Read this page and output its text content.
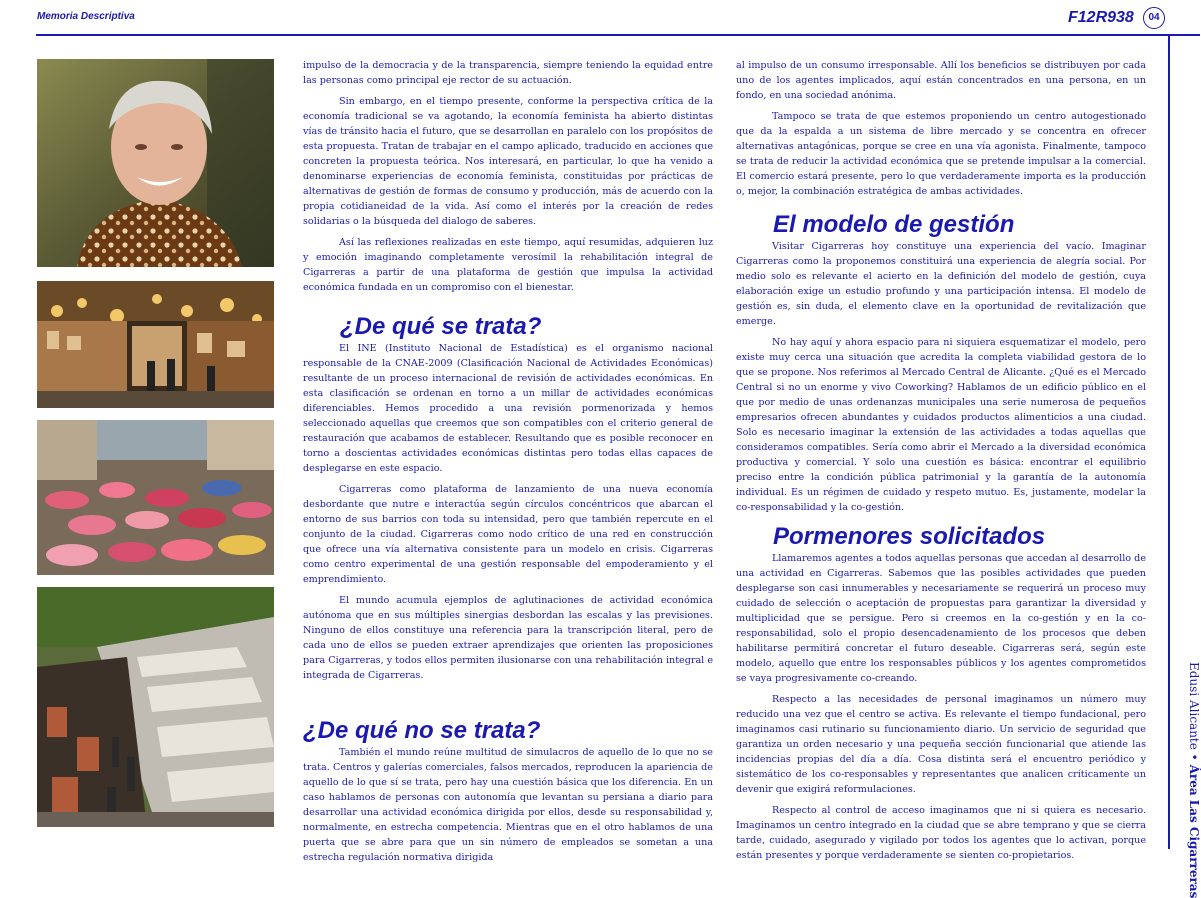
Memoria Descriptiva	F12R938	04
Edusi Alicante • Área Las Cigarreras

impulso de la democracia y de la transparencia, siempre teniendo la equidad entre las personas como principal eje rector de su actuación.

Sin embargo, en el tiempo presente, conforme la perspectiva crítica de la economía tradicional se va agotando, la economía feminista ha abierto distintas vías de tránsito hacia el futuro, que se desarrollan en paralelo con los propósitos de esta propuesta. Tratan de trabajar en el campo aplicado, traducido en acciones que concreten la propuesta teórica. Nos interesará, en particular, lo que ha venido a denominarse experiencias de economía feminista, constituidas por prácticas de alternativas de gestión de formas de consumo y producción, más de acuerdo con la propia cotidianeidad de la vida. Así como el interés por la creación de redes solidarias o la búsqueda del dialogo de saberes.

Así las reflexiones realizadas en este tiempo, aquí resumidas, adquieren luz y emoción imaginando completamente verosímil la rehabilitación integral de Cigarreras a partir de una plataforma de gestión que impulsa la actividad económica fundada en un compromiso con el bienestar.

¿De qué se trata?

El INE (Instituto Nacional de Estadística) es el organismo nacional responsable de la CNAE-2009 (Clasificación Nacional de Actividades Económicas) resultante de un proceso internacional de revisión de actividades económicas. En esta clasificación se ordenan en torno a un millar de actividades económicas diferenciables. Hemos procedido a una revisión pormenorizada y hemos seleccionado aquellas que creemos que son compatibles con el criterio general de restauración que acabamos de establecer. Resultando que es posible reconocer en torno a doscientas actividades económicas distintas pero todas ellas capaces de desplegarse en este espacio.

Cigarreras como plataforma de lanzamiento de una nueva economía desbordante que nutre e interactúa según círculos concéntricos que abarcan el entorno de sus barrios con toda su intensidad, pero que también repercute en el conjunto de la ciudad. Cigarreras como nodo crítico de una red en construcción que ofrece una vía alternativa consistente para un modelo en crisis. Cigarreras como centro experimental de una gestión responsable del empoderamiento y el emprendimiento.

El mundo acumula ejemplos de aglutinaciones de actividad económica autónoma que en sus múltiples sinergias desbordan las escalas y las previsiones. Ninguno de ellos constituye una referencia para la transcripción literal, pero de cada uno de ellos se pueden extraer aprendizajes que orienten las proposiciones para Cigarreras, y todos ellos permiten ilusionarse con una rehabilitación integral e integrada de Cigarreras.

¿De qué no se trata?

También el mundo reúne multitud de simulacros de aquello de lo que no se trata. Centros y galerías comerciales, falsos mercados, reproducen la apariencia de aquello de lo que sí se trata, pero hay una cuestión básica que los diferencia. En un caso hablamos de personas con autonomía que levantan su persiana a diario para desarrollar una actividad económica dirigida por ellos, desde su responsabilidad y, normalmente, en estrecha competencia. Mientras que en el otro hablamos de una puerta que se abre para que un sin número de empleados se sometan a una estrecha regulación normativa dirigida

al impulso de un consumo irresponsable. Allí los beneficios se distribuyen por cada uno de los agentes implicados, aquí están concentrados en una persona, en un fondo, en una sociedad anónima.

Tampoco se trata de que estemos proponiendo un centro autogestionado que da la espalda a un sistema de libre mercado y se concentra en ofrecer alternativas antagónicas, porque se cree en una vía agonista. Finalmente, tampoco se trata de reducir la actividad económica que se pretende impulsar a la comercial. El comercio estará presente, pero lo que verdaderamente importa es la producción o, mejor, la combinación estratégica de ambas actividades.

El modelo de gestión

Visitar Cigarreras hoy constituye una experiencia del vacío. Imaginar Cigarreras como la proponemos constituirá una experiencia de alegría social. Por medio solo es relevante el acierto en la definición del modelo de gestión, cuya elaboración exige un estudio profundo y una participación intensa. El modelo de gestión es, sin duda, el elemento clave en la oportunidad de revitalización que emerge.

No hay aquí y ahora espacio para ni siquiera esquematizar el modelo, pero existe muy cerca una situación que acredita la completa viabilidad gestora de lo que se propone. Nos referimos al Mercado Central de Alicante. ¿Qué es el Mercado Central si no un enorme y vivo Coworking? Hablamos de un edificio público en el que por medio de unas ordenanzas municipales una serie numerosa de pequeños empresarios ofrecen abundantes y cuidados productos alimenticios a una ciudad. Solo es necesario imaginar la extensión de las actividades a todas aquellas que consideramos compatibles. Sería como abrir el Mercado a la diversidad económica productiva y comercial. Y solo una cuestión es básica: encontrar el equilibrio preciso entre la condición pública patrimonial y la garantía de la autonomía individual. Es un régimen de cuidado y respeto mutuo. Es, justamente, modelar la co-responsabilidad y la co-gestión.

Pormenores solicitados

Llamaremos agentes a todos aquellas personas que accedan al desarrollo de una actividad en Cigarreras. Sabemos que las posibles actividades que pueden desplegarse son casi innumerables y necesariamente se requerirá un proceso muy cuidado de selección o aceptación de propuestas para garantizar la diversidad y multiplicidad que se persigue. Pero si creemos en la co-gestión y en la co-responsabilidad, solo el propio desencadenamiento de los procesos que deben habilitarse permitirá concretar el futuro deseable. Cigarreras será, según este modelo, aquello que entre los responsables públicos y los agentes comprometidos se vaya progresivamente co-creando.

Respecto a las necesidades de personal imaginamos un número muy reducido una vez que el centro se activa. Es relevante el tiempo fundacional, pero imaginamos casi rutinario su funcionamiento diario. Un servicio de seguridad que garantiza un orden necesario y una pequeña sección funcionarial que atiende las incidencias propias del día a día. Cosa distinta será el encuentro periódico y sistemático de los co-responsables y representantes que analicen críticamente un devenir que exigirá reformulaciones.

Respecto al control de acceso imaginamos que ni si quiera es necesario. Imaginamos un centro integrado en la ciudad que se abre temprano y que se cierra tarde, cuidado, asegurado y vigilado por todos los agentes que lo activan, porque están presentes y porque verdaderamente se sienten co-propietarios.
